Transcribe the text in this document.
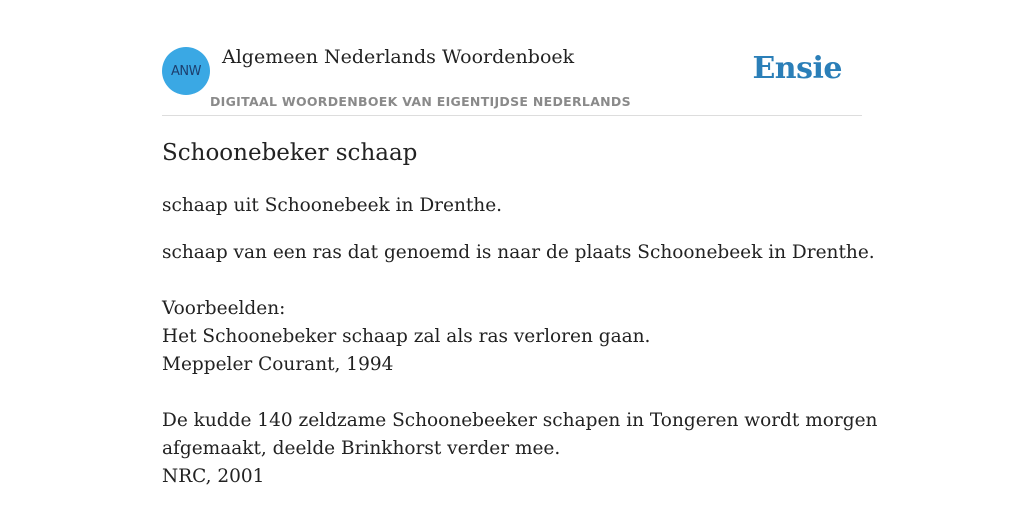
ANW
Algemeen Nederlands Woordenboek
DIGITAAL WOORDENBOEK VAN EIGENTIJDSE NEDERLANDS
Ensie
Schoonebeker schaap
schaap uit Schoonebeek in Drenthe.
schaap van een ras dat genoemd is naar de plaats Schoonebeek in Drenthe.
Voorbeelden:
Het Schoonebeker schaap zal als ras verloren gaan.
Meppeler Courant, 1994
De kudde 140 zeldzame Schoonebeeker schapen in Tongeren wordt morgen
afgemaakt, deelde Brinkhorst verder mee.
NRC, 2001
